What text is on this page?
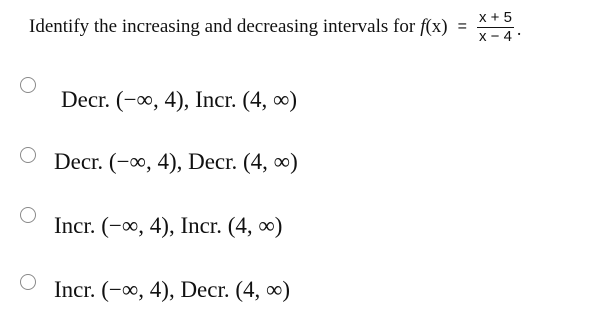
Identify the increasing and decreasing intervals for $f(x) = \frac{x + 5}{x - 4}$ .
Decr. (−∞, 4), Incr. (4, ∞)
Decr. (−∞, 4), Decr. (4, ∞)
Incr. (−∞, 4), Incr. (4, ∞)
Incr. (−∞, 4), Decr. (4, ∞)
